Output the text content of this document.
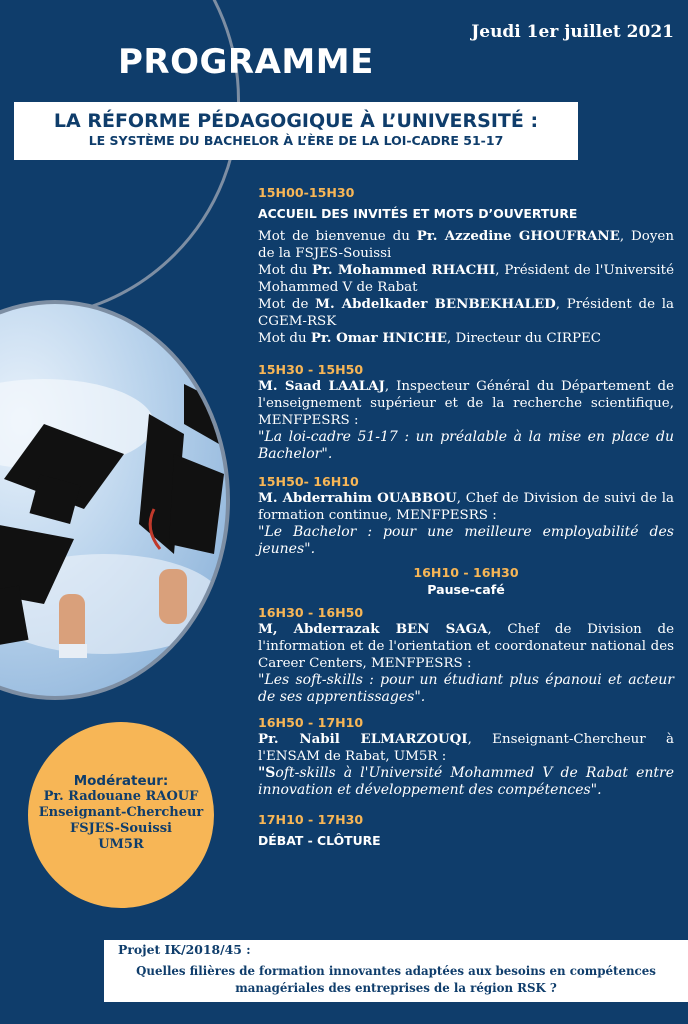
Jeudi 1er juillet 2021
PROGRAMME
LA RÉFORME PÉDAGOGIQUE À L’UNIVERSITÉ :
LE SYSTÈME DU BACHELOR À L’ÈRE DE LA LOI-CADRE 51-17
Modérateur:
Pr. Radouane RAOUF
Enseignant-Chercheur
FSJES-Souissi
UM5R
15H00-15H30
ACCUEIL DES INVITÉS ET MOTS D’OUVERTURE
Mot de bienvenue du Pr. Azzedine GHOUFRANE, Doyen de la FSJES-Souissi
Mot du Pr. Mohammed RHACHI, Président de l'Université Mohammed V de Rabat
Mot de M. Abdelkader BENBEKHALED, Président de la CGEM-RSK
Mot du Pr. Omar HNICHE, Directeur du CIRPEC
15H30 - 15H50
M. Saad LAALAJ, Inspecteur Général du Département de l'enseignement supérieur et de la recherche scientifique, MENFPESRS :
"La loi-cadre 51-17 : un préalable à la mise en place du Bachelor".
15H50- 16H10
M. Abderrahim OUABBOU, Chef de Division de suivi de la formation continue, MENFPESRS :
"Le Bachelor : pour une meilleure employabilité des jeunes".
16H10 - 16H30
Pause-café
16H30 - 16H50
M, Abderrazak BEN SAGA, Chef de Division de l'information et de l'orientation et coordonateur national des Career Centers, MENFPESRS :
"Les soft-skills : pour un étudiant plus épanoui et acteur de ses apprentissages".
16H50 - 17H10
Pr. Nabil ELMARZOUQI, Enseignant-Chercheur à l'ENSAM de Rabat, UM5R :
"Soft-skills à l'Université Mohammed V de Rabat entre innovation et développement des compétences".
17H10 - 17H30
DÉBAT - CLÔTURE
Projet IK/2018/45 :
Quelles filières de formation innovantes adaptées aux besoins en compétences
managériales des entreprises de la région RSK ?
